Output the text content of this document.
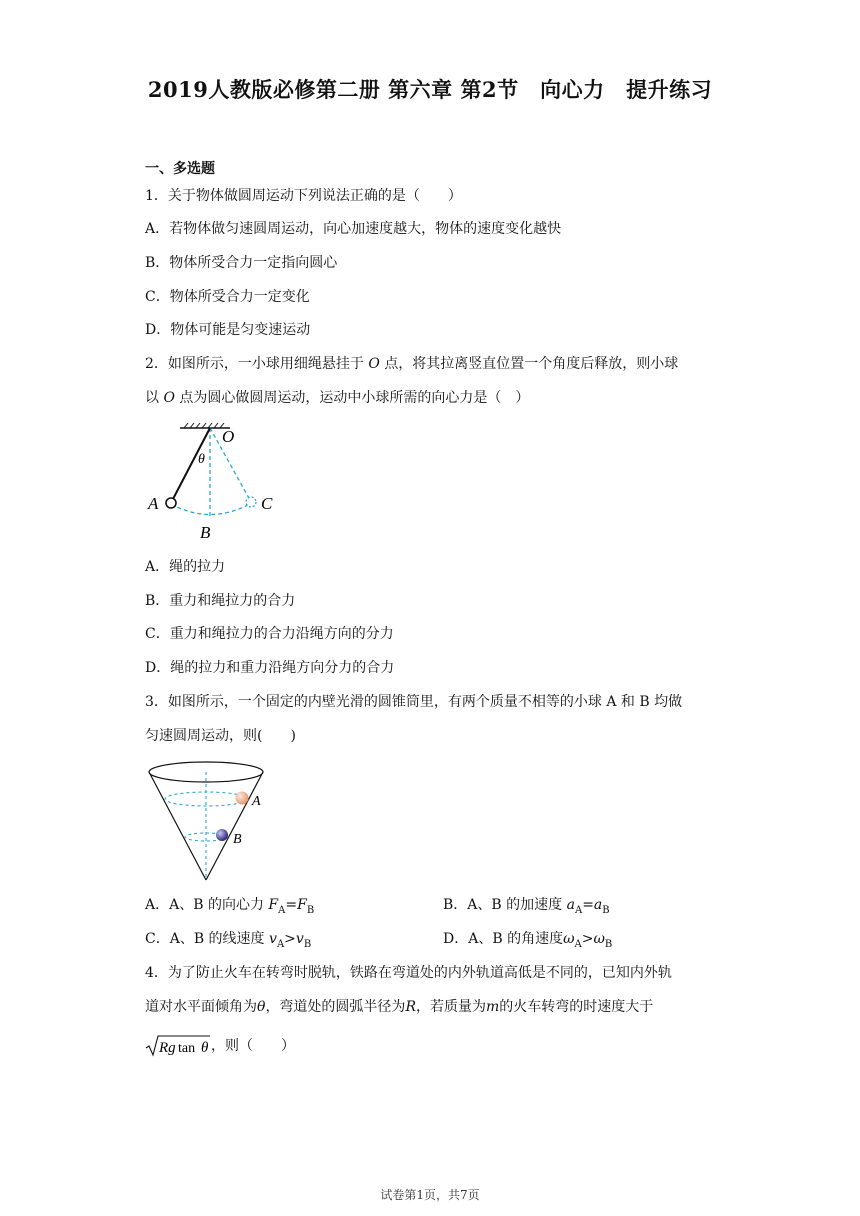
2019人教版必修第二册 第六章 第2节　向心力　提升练习
一、多选题
1．关于物体做圆周运动下列说法正确的是（　　）
A．若物体做匀速圆周运动，向心加速度越大，物体的速度变化越快
B．物体所受合力一定指向圆心
C．物体所受合力一定变化
D．物体可能是匀变速运动
2．如图所示，一小球用细绳悬挂于 O 点，将其拉离竖直位置一个角度后释放，则小球
以 O 点为圆心做圆周运动，运动中小球所需的向心力是（　）
O
θ
A
B
C
A．绳的拉力
B．重力和绳拉力的合力
C．重力和绳拉力的合力沿绳方向的分力
D．绳的拉力和重力沿绳方向分力的合力
3．如图所示，一个固定的内壁光滑的圆锥筒里，有两个质量不相等的小球 A 和 B 均做
匀速圆周运动，则(　　)
A
B
A．A、B 的向心力 $F_A=F_B$	B．A、B 的加速度 $a_A=a_B$
C．A、B 的线速度 $v_A>v_B$	D．A、B 的角速度$\omega_A>\omega_B$
4．为了防止火车在转弯时脱轨，铁路在弯道处的内外轨道高低是不同的，已知内外轨
道对水平面倾角为θ，弯道处的圆弧半径为R，若质量为m的火车转弯的时速度大于
Rg tan θ ，则（　　）
试卷第1页，共7页
